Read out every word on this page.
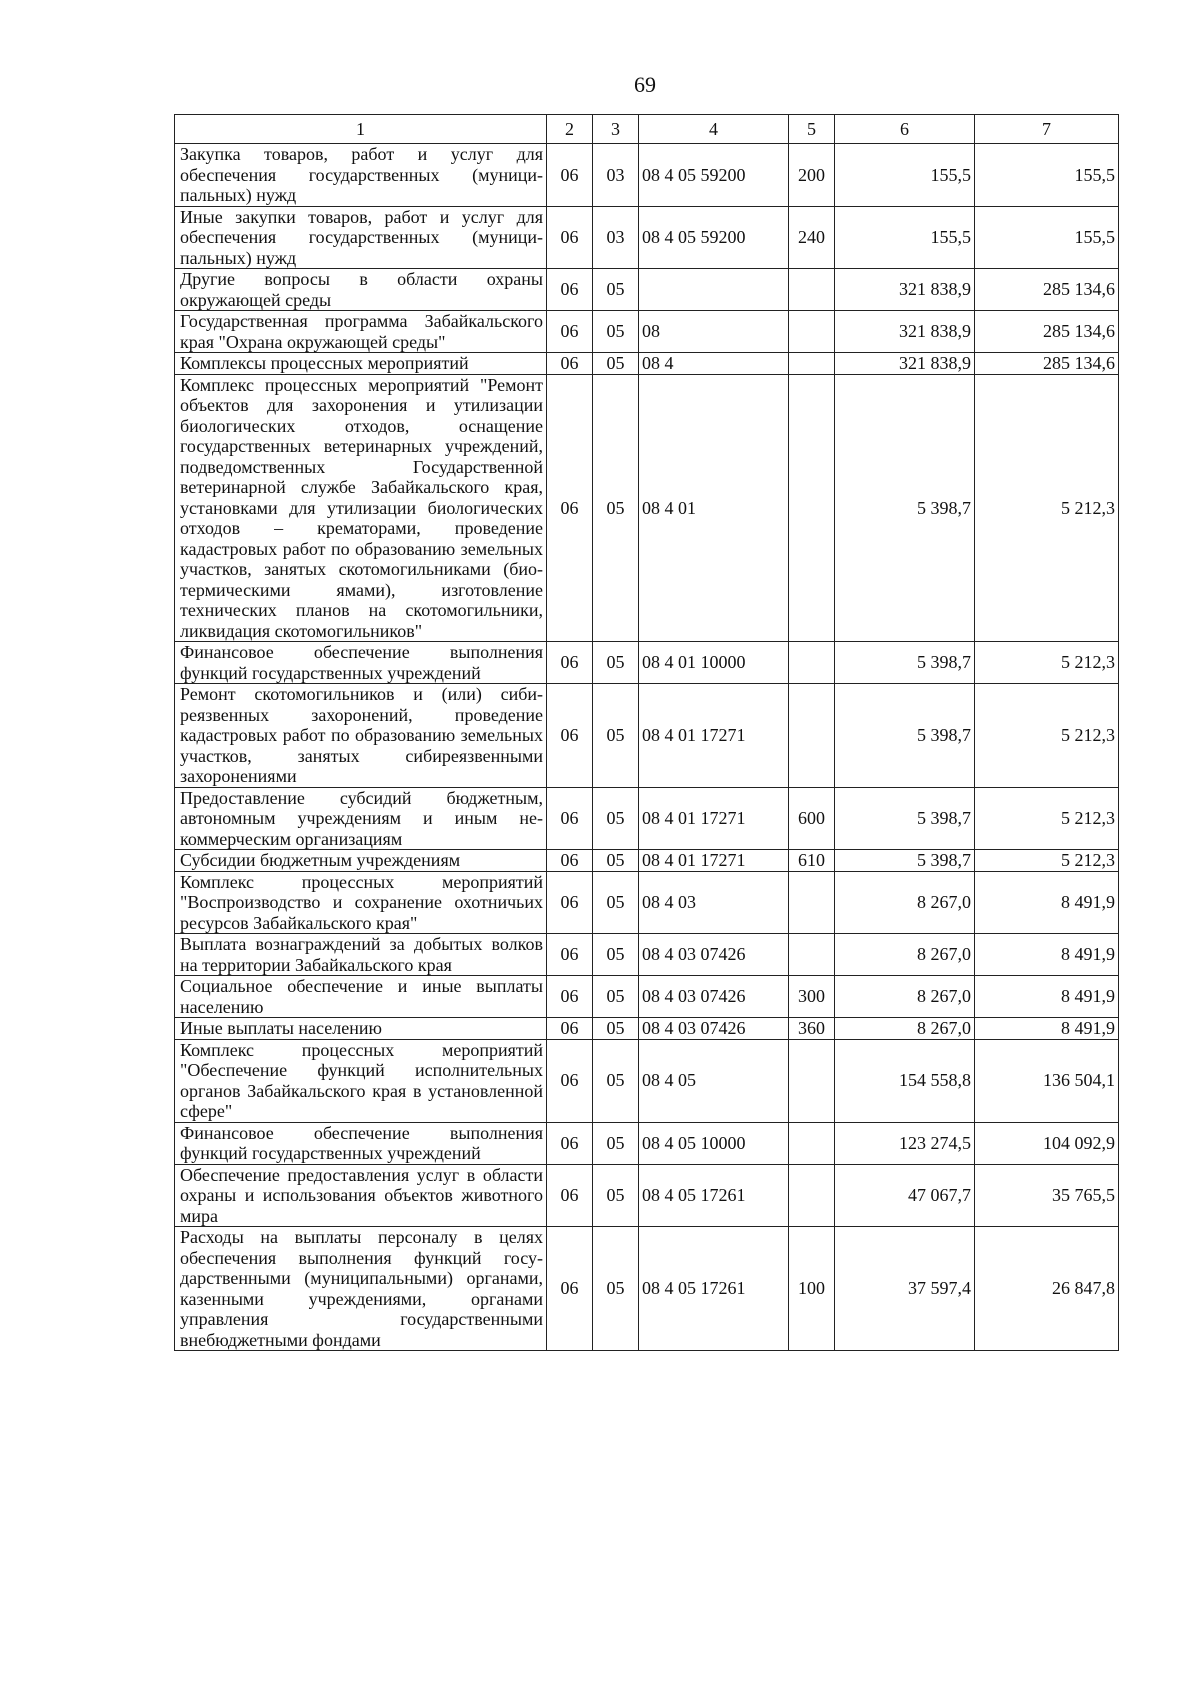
69
1	2	3	4	5	6	7
Закупка товаров, работ и услуг для обеспечения государственных (муниципальных) нужд	06	03	08 4 05 59200	200	155,5	155,5
Иные закупки товаров, работ и услуг для обеспечения государственных (муниципальных) нужд	06	03	08 4 05 59200	240	155,5	155,5
Другие вопросы в области охраны окружающей среды	06	05			321 838,9	285 134,6
Государственная программа Забайкальского края "Охрана окружающей среды"	06	05	08		321 838,9	285 134,6
Комплексы процессных мероприятий	06	05	08 4		321 838,9	285 134,6
Комплекс процессных мероприятий "Ремонт объектов для захоронения и утилизации биологических отходов, оснащение государственных ветеринарных учреждений, подведомственных Государственной ветеринарной службе Забайкальского края, установками для утилизации биологических отходов – крематорами, проведение кадастровых работ по образованию земельных участков, занятых скотомогильниками (биотермическими ямами), изготовление технических планов на скотомогильники, ликвидация скотомогильников"	06	05	08 4 01		5 398,7	5 212,3
Финансовое обеспечение выполнения функций государственных учреждений	06	05	08 4 01 10000		5 398,7	5 212,3
Ремонт скотомогильников и (или) сибиреязвенных захоронений, проведение кадастровых работ по образованию земельных участков, занятых сибиреязвенными захоронениями	06	05	08 4 01 17271		5 398,7	5 212,3
Предоставление субсидий бюджетным, автономным учреждениям и иным некоммерческим организациям	06	05	08 4 01 17271	600	5 398,7	5 212,3
Субсидии бюджетным учреждениям	06	05	08 4 01 17271	610	5 398,7	5 212,3
Комплекс процессных мероприятий "Воспроизводство и сохранение охотничьих ресурсов Забайкальского края"	06	05	08 4 03		8 267,0	8 491,9
Выплата вознаграждений за добытых волков на территории Забайкальского края	06	05	08 4 03 07426		8 267,0	8 491,9
Социальное обеспечение и иные выплаты населению	06	05	08 4 03 07426	300	8 267,0	8 491,9
Иные выплаты населению	06	05	08 4 03 07426	360	8 267,0	8 491,9
Комплекс процессных мероприятий "Обеспечение функций исполнительных органов Забайкальского края в установленной сфере"	06	05	08 4 05		154 558,8	136 504,1
Финансовое обеспечение выполнения функций государственных учреждений	06	05	08 4 05 10000		123 274,5	104 092,9
Обеспечение предоставления услуг в области охраны и использования объектов животного мира	06	05	08 4 05 17261		47 067,7	35 765,5
Расходы на выплаты персоналу в целях обеспечения выполнения функций государственными (муниципальными) органами, казенными учреждениями, органами управления государственными внебюджетными фондами	06	05	08 4 05 17261	100	37 597,4	26 847,8
